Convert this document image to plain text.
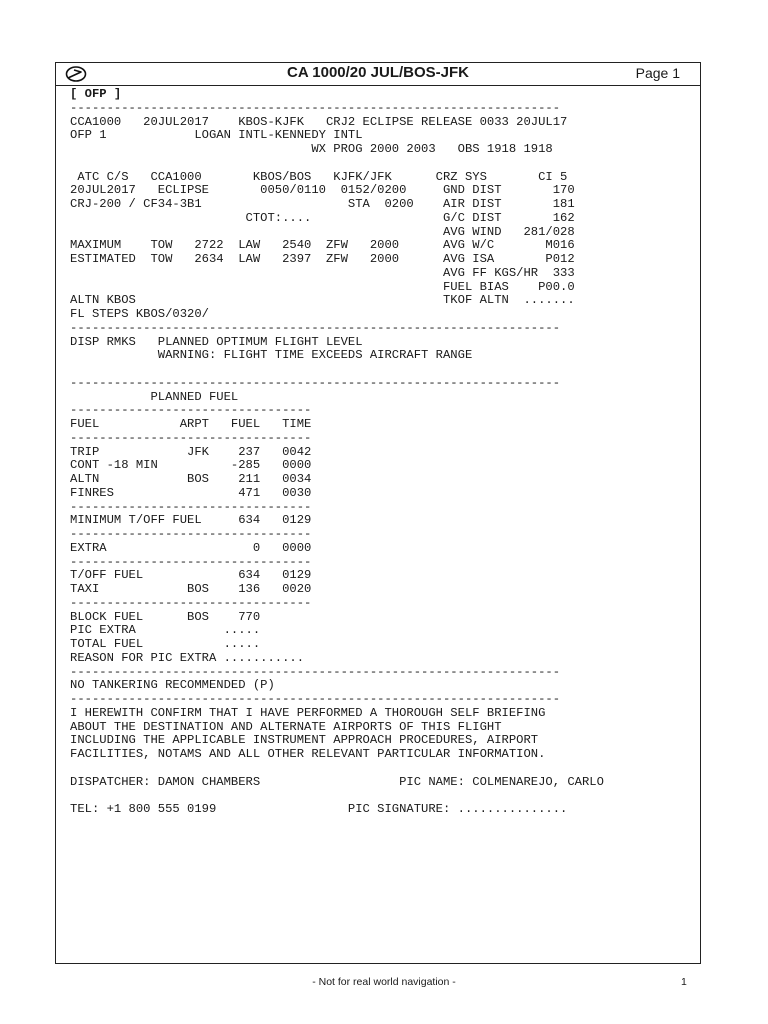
CA 1000/20 JUL/BOS-JFK	Page 1
[ OFP ]
-------------------------------------------------------------------
CCA1000   20JUL2017    KBOS-KJFK   CRJ2 ECLIPSE RELEASE 0033 20JUL17
OFP 1            LOGAN INTL-KENNEDY INTL
WX PROG 2000 2003   OBS 1918 1918
ATC C/S   CCA1000       KBOS/BOS   KJFK/JFK      CRZ SYS       CI 5
20JUL2017   ECLIPSE       0050/0110  0152/0200     GND DIST       170
CRJ-200 / CF34-3B1                    STA  0200    AIR DIST       181
CTOT:....                  G/C DIST       162
AVG WIND   281/028
MAXIMUM    TOW   2722  LAW   2540  ZFW   2000      AVG W/C       M016
ESTIMATED  TOW   2634  LAW   2397  ZFW   2000      AVG ISA       P012
AVG FF KGS/HR  333
FUEL BIAS    P00.0
ALTN KBOS                                          TKOF ALTN  .......
FL STEPS KBOS/0320/
-------------------------------------------------------------------
DISP RMKS   PLANNED OPTIMUM FLIGHT LEVEL
WARNING: FLIGHT TIME EXCEEDS AIRCRAFT RANGE
-------------------------------------------------------------------
PLANNED FUEL
---------------------------------
FUEL           ARPT   FUEL   TIME
---------------------------------
TRIP            JFK    237   0042
CONT -18 MIN          -285   0000
ALTN            BOS    211   0034
FINRES                 471   0030
---------------------------------
MINIMUM T/OFF FUEL     634   0129
---------------------------------
EXTRA                    0   0000
---------------------------------
T/OFF FUEL             634   0129
TAXI            BOS    136   0020
---------------------------------
BLOCK FUEL      BOS    770
PIC EXTRA            .....
TOTAL FUEL           .....
REASON FOR PIC EXTRA ...........
-------------------------------------------------------------------
NO TANKERING RECOMMENDED (P)
-------------------------------------------------------------------
I HEREWITH CONFIRM THAT I HAVE PERFORMED A THOROUGH SELF BRIEFING
ABOUT THE DESTINATION AND ALTERNATE AIRPORTS OF THIS FLIGHT
INCLUDING THE APPLICABLE INSTRUMENT APPROACH PROCEDURES, AIRPORT
FACILITIES, NOTAMS AND ALL OTHER RELEVANT PARTICULAR INFORMATION.
DISPATCHER: DAMON CHAMBERS                   PIC NAME: COLMENAREJO, CARLO
TEL: +1 800 555 0199                  PIC SIGNATURE: ...............
- Not for real world navigation -	1
